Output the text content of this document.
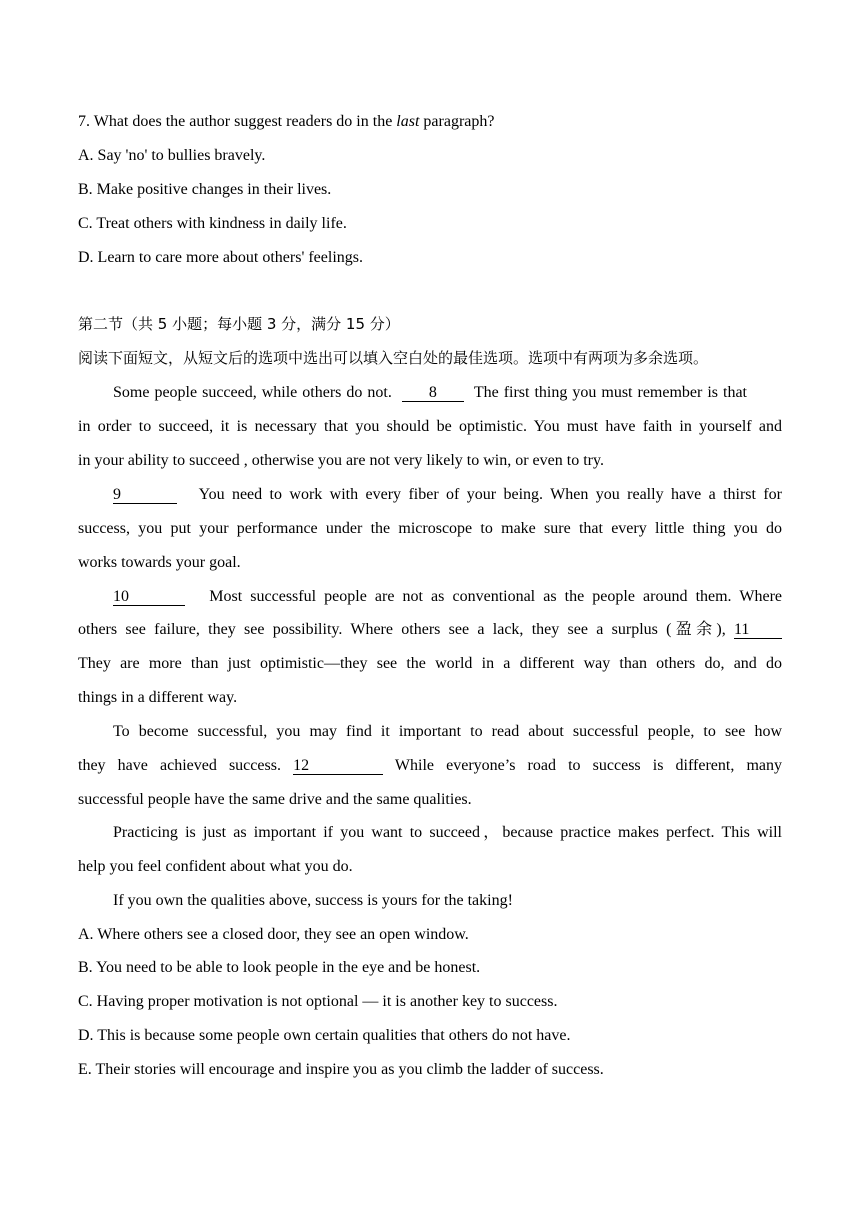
7. What does the author suggest readers do in the last paragraph?
A. Say 'no' to bullies bravely.
B. Make positive changes in their lives.
C. Treat others with kindness in daily life.
D. Learn to care more about others' feelings.
第二节（共 5 小题；每小题 3 分，满分 15 分）
阅读下面短文，从短文后的选项中选出可以填入空白处的最佳选项。选项中有两项为多余选项。
Some people succeed, while others do not. 8 The first thing you must remember is that
in order to succeed, it is necessary that you should be optimistic. You must have faith in yourself and
in your ability to succeed , otherwise you are not very likely to win, or even to try.
9	You need to work with every fiber of your being. When you really have a thirst for
success, you put your performance under the microscope to make sure that every little thing you do
works towards your goal.
10	Most successful people are not as conventional as the people around them. Where
others see failure, they see possibility. Where others see a lack, they see a surplus (盈余), 11
They are more than just optimistic—they see the world in a different way than others do, and do
things in a different way.
To become successful, you may find it important to read about successful people, to see how
they have achieved success. 12	While everyone’s road to success is different, many
successful people have the same drive and the same qualities.
Practicing is just as important if you want to succeed，because practice makes perfect. This will
help you feel confident about what you do.
If you own the qualities above, success is yours for the taking!
A. Where others see a closed door, they see an open window.
B. You need to be able to look people in the eye and be honest.
C. Having proper motivation is not optional — it is another key to success.
D. This is because some people own certain qualities that others do not have.
E. Their stories will encourage and inspire you as you climb the ladder of success.
